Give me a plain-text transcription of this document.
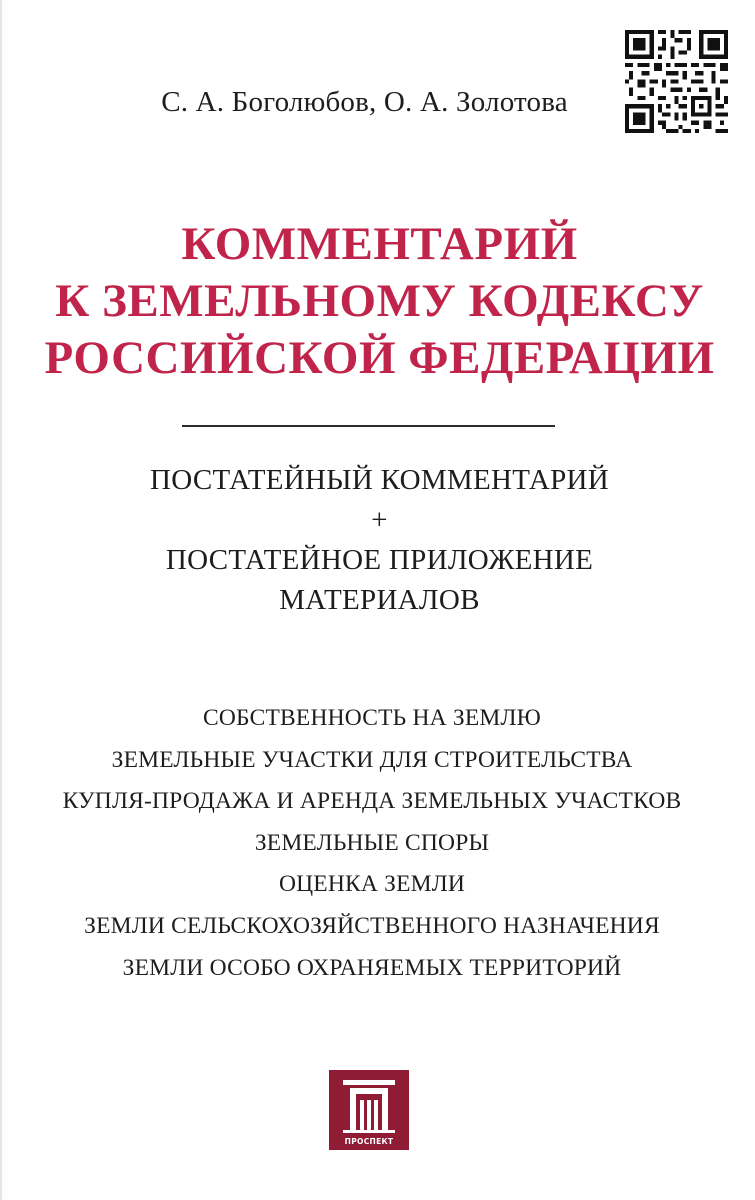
С. А. Боголюбов, О. А. Золотова
КОММЕНТАРИЙ
К ЗЕМЕЛЬНОМУ КОДЕКСУ
РОССИЙСКОЙ ФЕДЕРАЦИИ
ПОСТАТЕЙНЫЙ КОММЕНТАРИЙ
+
ПОСТАТЕЙНОЕ ПРИЛОЖЕНИЕ
МАТЕРИАЛОВ
СОБСТВЕННОСТЬ НА ЗЕМЛЮ
ЗЕМЕЛЬНЫЕ УЧАСТКИ ДЛЯ СТРОИТЕЛЬСТВА
КУПЛЯ-ПРОДАЖА И АРЕНДА ЗЕМЕЛЬНЫХ УЧАСТКОВ
ЗЕМЕЛЬНЫЕ СПОРЫ
ОЦЕНКА ЗЕМЛИ
ЗЕМЛИ СЕЛЬСКОХОЗЯЙСТВЕННОГО НАЗНАЧЕНИЯ
ЗЕМЛИ ОСОБО ОХРАНЯЕМЫХ ТЕРРИТОРИЙ
ПРОСПЕКТ
